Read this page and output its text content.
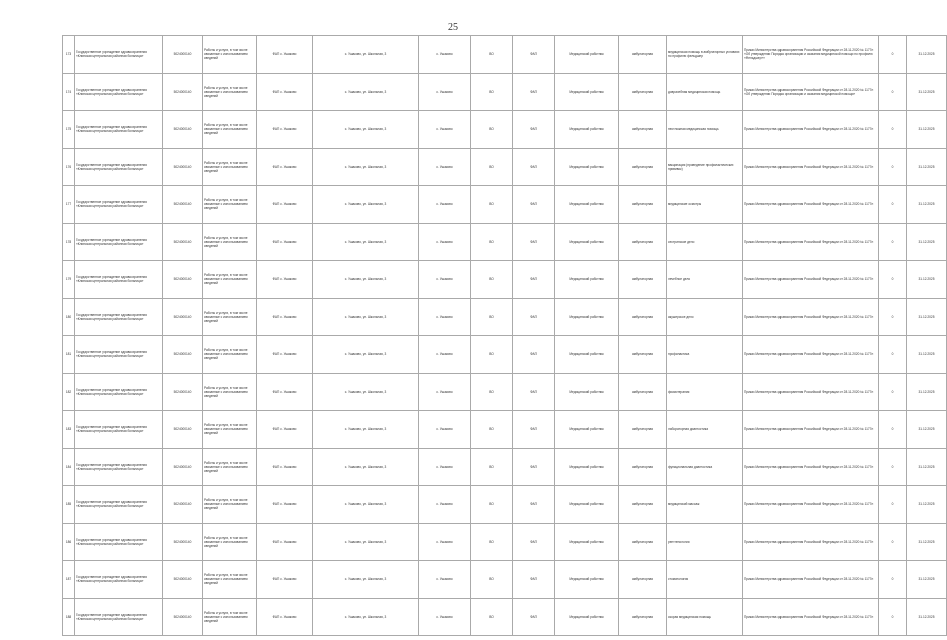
25
173	Государственное учреждение здравоохранения «Клинская центральная районная больница»	5024000140	Работы и услуги, в том числе связанные с использованием сведений	ФАП с. Ушаково	с. Ушаково, ул. Школьная, 3	с. Ушаково	ВО	ФАП	Медицинский работник	амбулаторная	медицинская помощь в амбулаторных условиях по профилю фельдшер	Приказ Министерства здравоохранения Российской Федерации от 28.11.2020 № 1177н «Об утверждении Порядка организации и оказания медицинской помощи по профилю «Фельдшер»»	0	31.12.2025
174	Государственное учреждение здравоохранения «Клинская центральная районная больница»	5024000140	Работы и услуги, в том числе связанные с использованием сведений	ФАП с. Ушаково	с. Ушаково, ул. Школьная, 3	с. Ушаково	ВО	ФАП	Медицинский работник	амбулаторная	доврачебная медицинская помощь	Приказ Министерства здравоохранения Российской Федерации от 28.11.2020 № 1177н «Об утверждении Порядка организации и оказания медицинской помощи»	0	31.12.2025
175	Государственное учреждение здравоохранения «Клинская центральная районная больница»	5024000140	Работы и услуги, в том числе связанные с использованием сведений	ФАП с. Ушаково	с. Ушаково, ул. Школьная, 3	с. Ушаково	ВО	ФАП	Медицинский работник	амбулаторная	неотложная медицинская помощь	Приказ Министерства здравоохранения Российской Федерации от 28.11.2020 № 1177н	0	31.12.2025
176	Государственное учреждение здравоохранения «Клинская центральная районная больница»	5024000140	Работы и услуги, в том числе связанные с использованием сведений	ФАП с. Ушаково	с. Ушаково, ул. Школьная, 3	с. Ушаково	ВО	ФАП	Медицинский работник	амбулаторная	вакцинация (проведение профилактических прививок)	Приказ Министерства здравоохранения Российской Федерации от 28.11.2020 № 1177н	0	31.12.2025
177	Государственное учреждение здравоохранения «Клинская центральная районная больница»	5024000140	Работы и услуги, в том числе связанные с использованием сведений	ФАП с. Ушаково	с. Ушаково, ул. Школьная, 3	с. Ушаково	ВО	ФАП	Медицинский работник	амбулаторная	медицинские осмотры	Приказ Министерства здравоохранения Российской Федерации от 28.11.2020 № 1177н	0	31.12.2025
178	Государственное учреждение здравоохранения «Клинская центральная районная больница»	5024000140	Работы и услуги, в том числе связанные с использованием сведений	ФАП с. Ушаково	с. Ушаково, ул. Школьная, 3	с. Ушаково	ВО	ФАП	Медицинский работник	амбулаторная	сестринское дело	Приказ Министерства здравоохранения Российской Федерации от 28.11.2020 № 1177н	0	31.12.2025
179	Государственное учреждение здравоохранения «Клинская центральная районная больница»	5024000140	Работы и услуги, в том числе связанные с использованием сведений	ФАП с. Ушаково	с. Ушаково, ул. Школьная, 3	с. Ушаково	ВО	ФАП	Медицинский работник	амбулаторная	лечебное дело	Приказ Министерства здравоохранения Российской Федерации от 28.11.2020 № 1177н	0	31.12.2025
180	Государственное учреждение здравоохранения «Клинская центральная районная больница»	5024000140	Работы и услуги, в том числе связанные с использованием сведений	ФАП с. Ушаково	с. Ушаково, ул. Школьная, 3	с. Ушаково	ВО	ФАП	Медицинский работник	амбулаторная	акушерское дело	Приказ Министерства здравоохранения Российской Федерации от 28.11.2020 № 1177н	0	31.12.2025
181	Государственное учреждение здравоохранения «Клинская центральная районная больница»	5024000140	Работы и услуги, в том числе связанные с использованием сведений	ФАП с. Ушаково	с. Ушаково, ул. Школьная, 3	с. Ушаково	ВО	ФАП	Медицинский работник	амбулаторная	профилактика	Приказ Министерства здравоохранения Российской Федерации от 28.11.2020 № 1177н	0	31.12.2025
182	Государственное учреждение здравоохранения «Клинская центральная районная больница»	5024000140	Работы и услуги, в том числе связанные с использованием сведений	ФАП с. Ушаково	с. Ушаково, ул. Школьная, 3	с. Ушаково	ВО	ФАП	Медицинский работник	амбулаторная	физиотерапия	Приказ Министерства здравоохранения Российской Федерации от 28.11.2020 № 1177н	0	31.12.2025
183	Государственное учреждение здравоохранения «Клинская центральная районная больница»	5024000140	Работы и услуги, в том числе связанные с использованием сведений	ФАП с. Ушаково	с. Ушаково, ул. Школьная, 3	с. Ушаково	ВО	ФАП	Медицинский работник	амбулаторная	лабораторная диагностика	Приказ Министерства здравоохранения Российской Федерации от 28.11.2020 № 1177н	0	31.12.2025
184	Государственное учреждение здравоохранения «Клинская центральная районная больница»	5024000140	Работы и услуги, в том числе связанные с использованием сведений	ФАП с. Ушаково	с. Ушаково, ул. Школьная, 3	с. Ушаково	ВО	ФАП	Медицинский работник	амбулаторная	функциональная диагностика	Приказ Министерства здравоохранения Российской Федерации от 28.11.2020 № 1177н	0	31.12.2025
185	Государственное учреждение здравоохранения «Клинская центральная районная больница»	5024000140	Работы и услуги, в том числе связанные с использованием сведений	ФАП с. Ушаково	с. Ушаково, ул. Школьная, 3	с. Ушаково	ВО	ФАП	Медицинский работник	амбулаторная	медицинский массаж	Приказ Министерства здравоохранения Российской Федерации от 28.11.2020 № 1177н	0	31.12.2025
186	Государственное учреждение здравоохранения «Клинская центральная районная больница»	5024000140	Работы и услуги, в том числе связанные с использованием сведений	ФАП с. Ушаково	с. Ушаково, ул. Школьная, 3	с. Ушаково	ВО	ФАП	Медицинский работник	амбулаторная	рентгенология	Приказ Министерства здравоохранения Российской Федерации от 28.11.2020 № 1177н	0	31.12.2025
187	Государственное учреждение здравоохранения «Клинская центральная районная больница»	5024000140	Работы и услуги, в том числе связанные с использованием сведений	ФАП с. Ушаково	с. Ушаково, ул. Школьная, 3	с. Ушаково	ВО	ФАП	Медицинский работник	амбулаторная	стоматология	Приказ Министерства здравоохранения Российской Федерации от 28.11.2020 № 1177н	0	31.12.2025
188	Государственное учреждение здравоохранения «Клинская центральная районная больница»	5024000140	Работы и услуги, в том числе связанные с использованием сведений	ФАП с. Ушаково	с. Ушаково, ул. Школьная, 3	с. Ушаково	ВО	ФАП	Медицинский работник	амбулаторная	скорая медицинская помощь	Приказ Министерства здравоохранения Российской Федерации от 28.11.2020 № 1177н	0	31.12.2025
